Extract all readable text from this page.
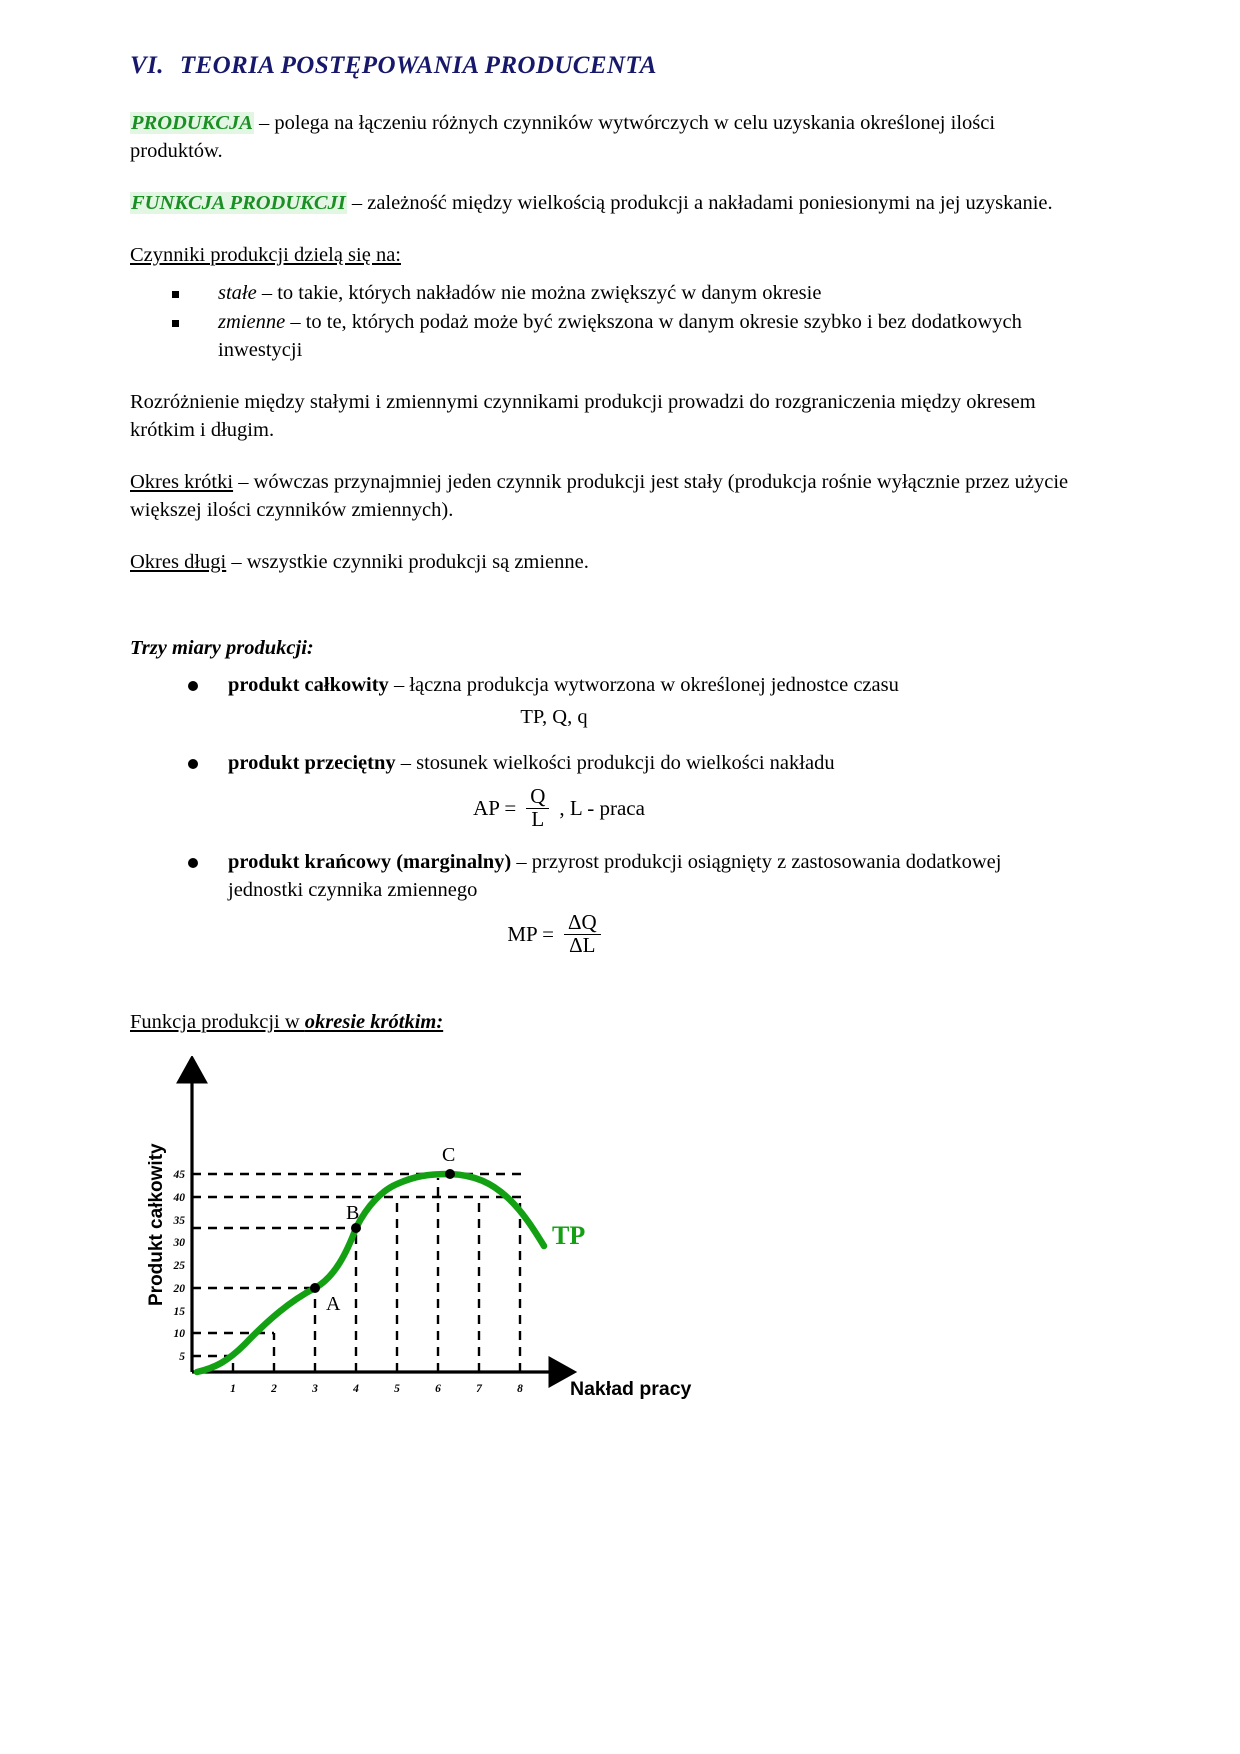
VI. TEORIA POSTĘPOWANIA PRODUCENTA

PRODUKCJA – polega na łączeniu różnych czynników wytwórczych w celu uzyskania określonej ilości produktów.

FUNKCJA PRODUKCJI – zależność między wielkością produkcji a nakładami poniesionymi na jej uzyskanie.

Czynniki produkcji dzielą się na:

stałe – to takie, których nakładów nie można zwiększyć w danym okresie
zmienne – to te, których podaż może być zwiększona w danym okresie szybko i bez dodatkowych inwestycji

Rozróżnienie między stałymi i zmiennymi czynnikami produkcji prowadzi do rozgraniczenia między okresem krótkim i długim.

Okres krótki – wówczas przynajmniej jeden czynnik produkcji jest stały (produkcja rośnie wyłącznie przez użycie większej ilości czynników zmiennych).

Okres długi – wszystkie czynniki produkcji są zmienne.

Trzy miary produkcji:

produkt całkowity – łączna produkcja wytworzona w określonej jednostce czasu
TP, Q, q
produkt przeciętny – stosunek wielkości produkcji do wielkości nakładu
AP = $\frac{Q}{L}$ , L - praca
produkt krańcowy (marginalny) – przyrost produkcji osiągnięty z zastosowania dodatkowej jednostki czynnika zmiennego
MP = $\frac{\Delta Q}{\Delta L}$

Funkcja produkcji w okresie krótkim:

45
40
35
30
25
20
15
10
5
1	2	3	4	5	6	7	8
A
B
C
TP
Produkt całkowity
Nakład pracy
